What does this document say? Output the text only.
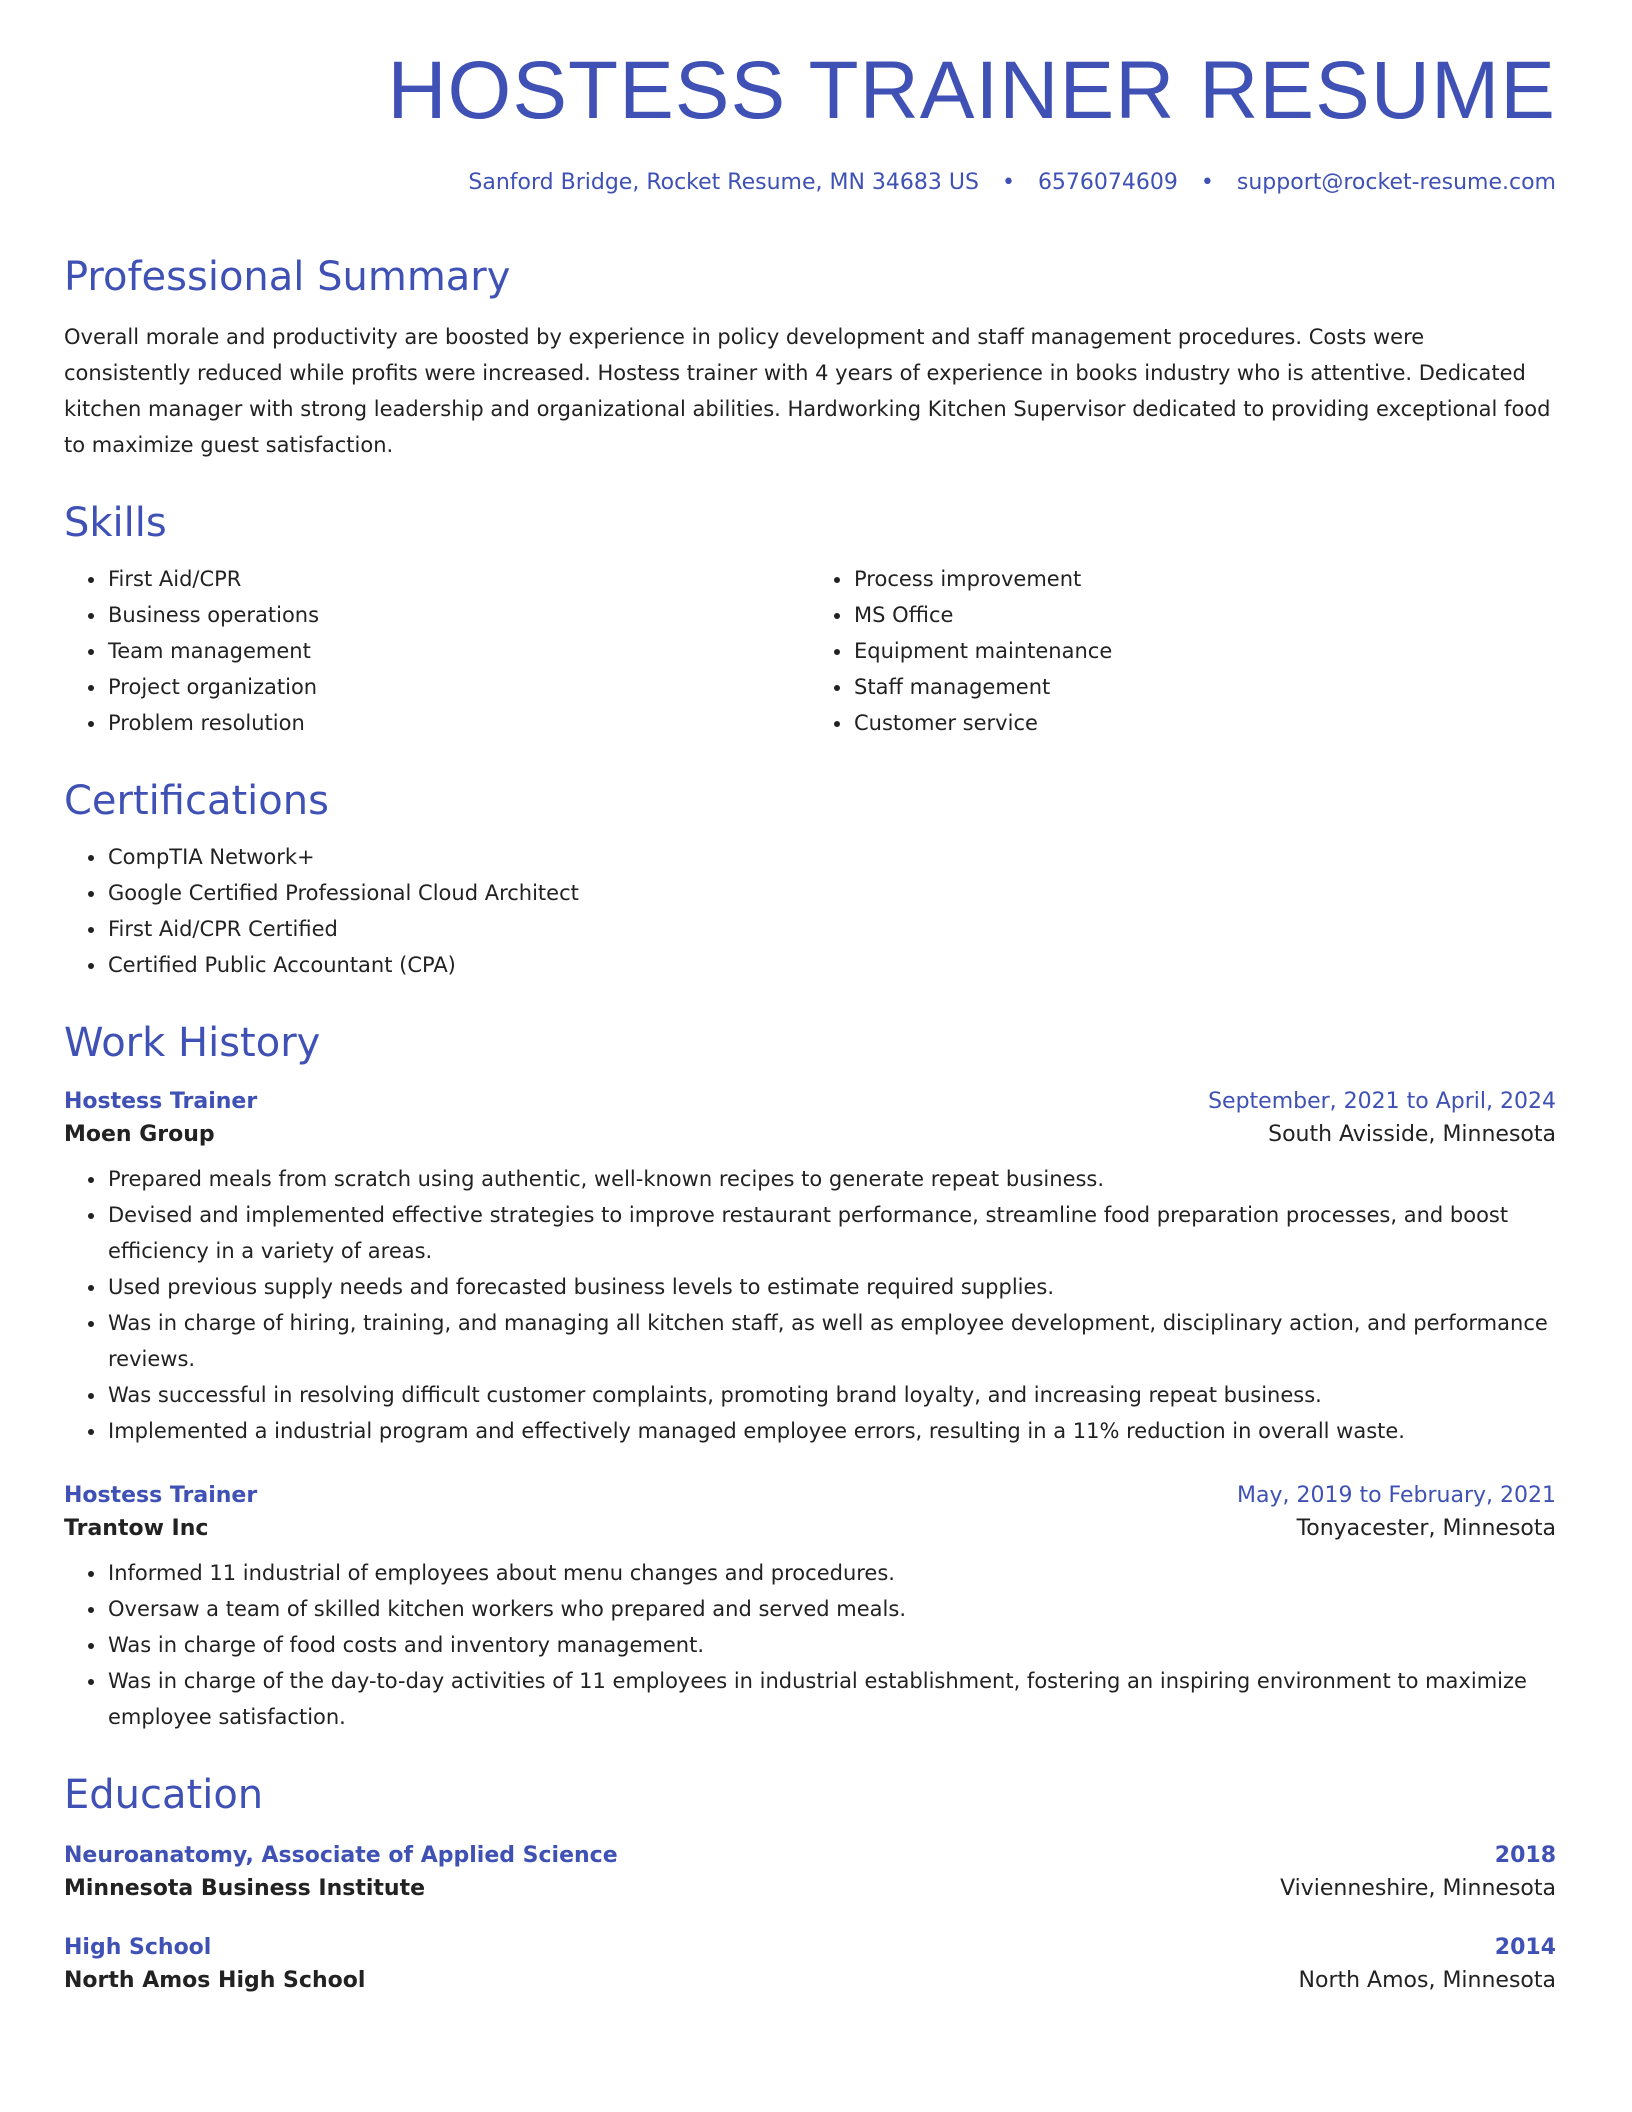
HOSTESS TRAINER RESUME
Sanford Bridge, Rocket Resume, MN 34683 US • 6576074609 • support@rocket-resume.com
Professional Summary

Overall morale and productivity are boosted by experience in policy development and staff management procedures. Costs were consistently reduced while profits were increased. Hostess trainer with 4 years of experience in books industry who is attentive. Dedicated kitchen manager with strong leadership and organizational abilities. Hardworking Kitchen Supervisor dedicated to providing exceptional food to maximize guest satisfaction.

Skills
• First Aid/CPR
• Business operations
• Team management
• Project organization
• Problem resolution
• Process improvement
• MS Office
• Equipment maintenance
• Staff management
• Customer service
Certifications
• CompTIA Network+
• Google Certified Professional Cloud Architect
• First Aid/CPR Certified
• Certified Public Accountant (CPA)
Work History
Hostess Trainer	September, 2021 to April, 2024
Moen Group	South Avisside, Minnesota
• Prepared meals from scratch using authentic, well-known recipes to generate repeat business.
• Devised and implemented effective strategies to improve restaurant performance, streamline food preparation processes, and boost efficiency in a variety of areas.
• Used previous supply needs and forecasted business levels to estimate required supplies.
• Was in charge of hiring, training, and managing all kitchen staff, as well as employee development, disciplinary action, and performance reviews.
• Was successful in resolving difficult customer complaints, promoting brand loyalty, and increasing repeat business.
• Implemented a industrial program and effectively managed employee errors, resulting in a 11% reduction in overall waste.
Hostess Trainer	May, 2019 to February, 2021
Trantow Inc	Tonyacester, Minnesota
• Informed 11 industrial of employees about menu changes and procedures.
• Oversaw a team of skilled kitchen workers who prepared and served meals.
• Was in charge of food costs and inventory management.
• Was in charge of the day-to-day activities of 11 employees in industrial establishment, fostering an inspiring environment to maximize employee satisfaction.
Education
Neuroanatomy, Associate of Applied Science	2018
Minnesota Business Institute	Vivienneshire, Minnesota
High School	2014
North Amos High School	North Amos, Minnesota
